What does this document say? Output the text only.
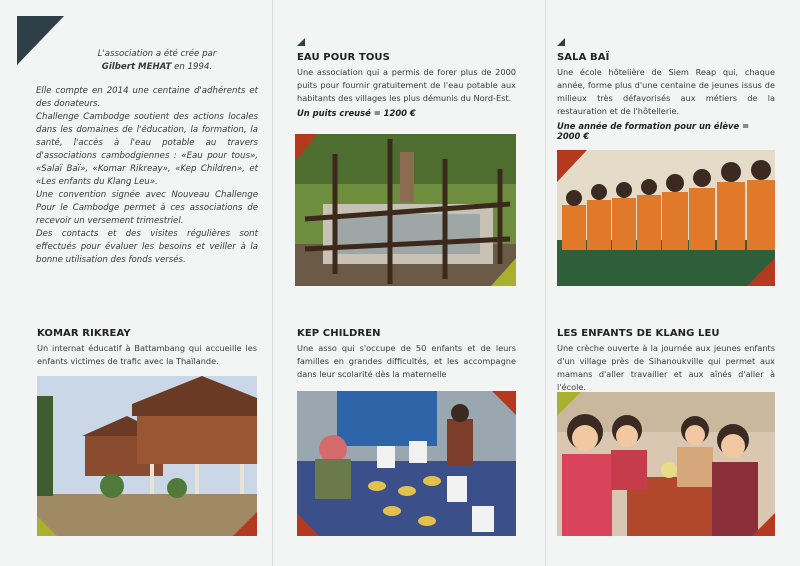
L'association a été crée par
Gilbert MEHAT en 1994.

Elle compte en 2014 une centaine d'adhérents et des donateurs.

Challenge Cambodge soutient des actions locales dans les domaines de l'éducation, la formation, la santé, l'accès à l'eau potable au travers d'associations cambodgiennes : «Eau pour tous», «Salaï Baï», «Komar Rikreay», «Kep Children», et «Les enfants du Klang Leu».

Une convention signée avec Nouveau Challenge Pour le Cambodge permet à ces associations de recevoir un versement trimestriel.

Des contacts et des visites régulières sont effectués pour évaluer les besoins et veiller à la bonne utilisation des fonds versés.

EAU POUR TOUS
Une association qui a permis de forer plus de 2000 puits pour fournir gratuitement de l'eau potable aux habitants des villages les plus démunis du Nord-Est.
Un puits creusé = 1200 €
SALA BAÏ
Une école hôtelière de Siem Reap qui, chaque année, forme plus d'une centaine de jeunes issus de milieux très défavorisés aux métiers de la restauration et de l'hôtellerie.
Une année de formation pour un élève = 2000 €
KOMAR RIKREAY
Un internat éducatif à Battambang qui accueille les enfants victimes de trafic avec la Thaïlande.
KEP CHILDREN
Une asso qui s'occupe de 50 enfants et de leurs familles en grandes difficultés, et les accompagne dans leur scolarité dès la maternelle
LES ENFANTS DE KLANG LEU
Une crèche ouverte à la journée aux jeunes enfants d'un village près de Sihanoukville qui permet aux mamans d'aller travailler et aux aînés d'aller à l'école.
